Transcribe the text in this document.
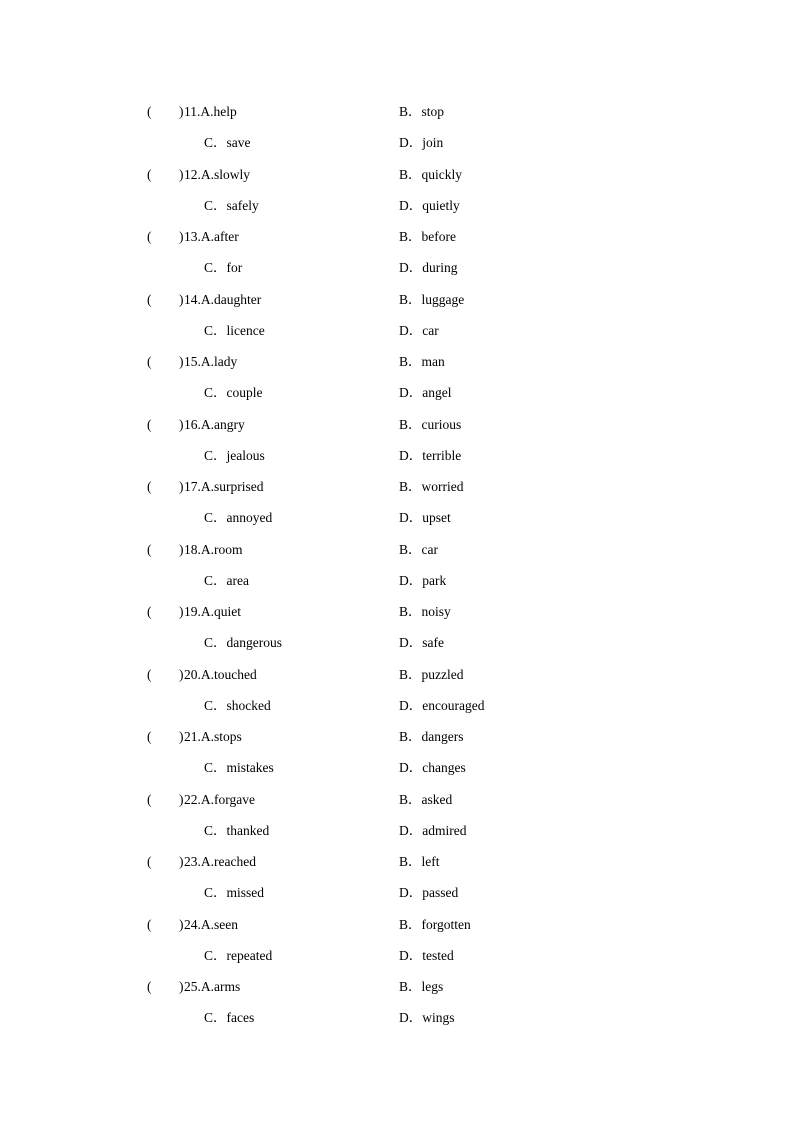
( ) 11.A.help	B．stop
C．save	D．join
( ) 12.A.slowly	B．quickly
C．safely	D．quietly
( ) 13.A.after	B．before
C．for	D．during
( ) 14.A.daughter	B．luggage
C．licence	D．car
( ) 15.A.lady	B．man
C．couple	D．angel
( ) 16.A.angry	B．curious
C．jealous	D．terrible
( ) 17.A.surprised	B．worried
C．annoyed	D．upset
( ) 18.A.room	B．car
C．area	D．park
( ) 19.A.quiet	B．noisy
C．dangerous	D．safe
( ) 20.A.touched	B．puzzled
C．shocked	D．encouraged
( ) 21.A.stops	B．dangers
C．mistakes	D．changes
( ) 22.A.forgave	B．asked
C．thanked	D．admired
( ) 23.A.reached	B．left
C．missed	D．passed
( ) 24.A.seen	B．forgotten
C．repeated	D．tested
( ) 25.A.arms	B．legs
C．faces	D．wings
